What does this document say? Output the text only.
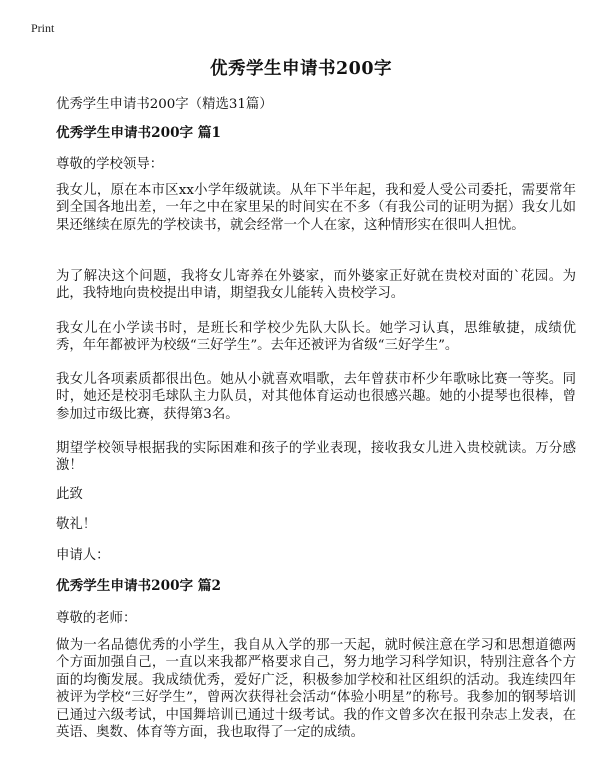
Print
优秀学生申请书200字
优秀学生申请书200字（精选31篇）
优秀学生申请书200字 篇1
尊敬的学校领导：
我女儿，原在本市区xx小学年级就读。从年下半年起，我和爱人受公司委托，需要常年到全国各地出差，一年之中在家里呆的时间实在不多（有我公司的证明为据）我女儿如果还继续在原先的学校读书，就会经常一个人在家，这种情形实在很叫人担忧。
为了解决这个问题，我将女儿寄养在外婆家，而外婆家正好就在贵校对面的`花园。为此，我特地向贵校提出申请，期望我女儿能转入贵校学习。
我女儿在小学读书时，是班长和学校少先队大队长。她学习认真，思维敏捷，成绩优秀，年年都被评为校级“三好学生”。去年还被评为省级“三好学生”。
我女儿各项素质都很出色。她从小就喜欢唱歌，去年曾获市杯少年歌咏比赛一等奖。同时，她还是校羽毛球队主力队员，对其他体育运动也很感兴趣。她的小提琴也很棒，曾参加过市级比赛，获得第3名。
期望学校领导根据我的实际困难和孩子的学业表现，接收我女儿进入贵校就读。万分感激！
此致
敬礼！
申请人：
优秀学生申请书200字 篇2
尊敬的老师：
做为一名品德优秀的小学生，我自从入学的那一天起，就时候注意在学习和思想道德两个方面加强自己，一直以来我都严格要求自己，努力地学习科学知识，特别注意各个方面的均衡发展。我成绩优秀，爱好广泛，积极参加学校和社区组织的活动。我连续四年被评为学校“三好学生”，曾两次获得社会活动“体验小明星”的称号。我参加的钢琴培训已通过六级考试，中国舞培训已通过十级考试。我的作文曾多次在报刊杂志上发表，在英语、奥数、体育等方面，我也取得了一定的成绩。
